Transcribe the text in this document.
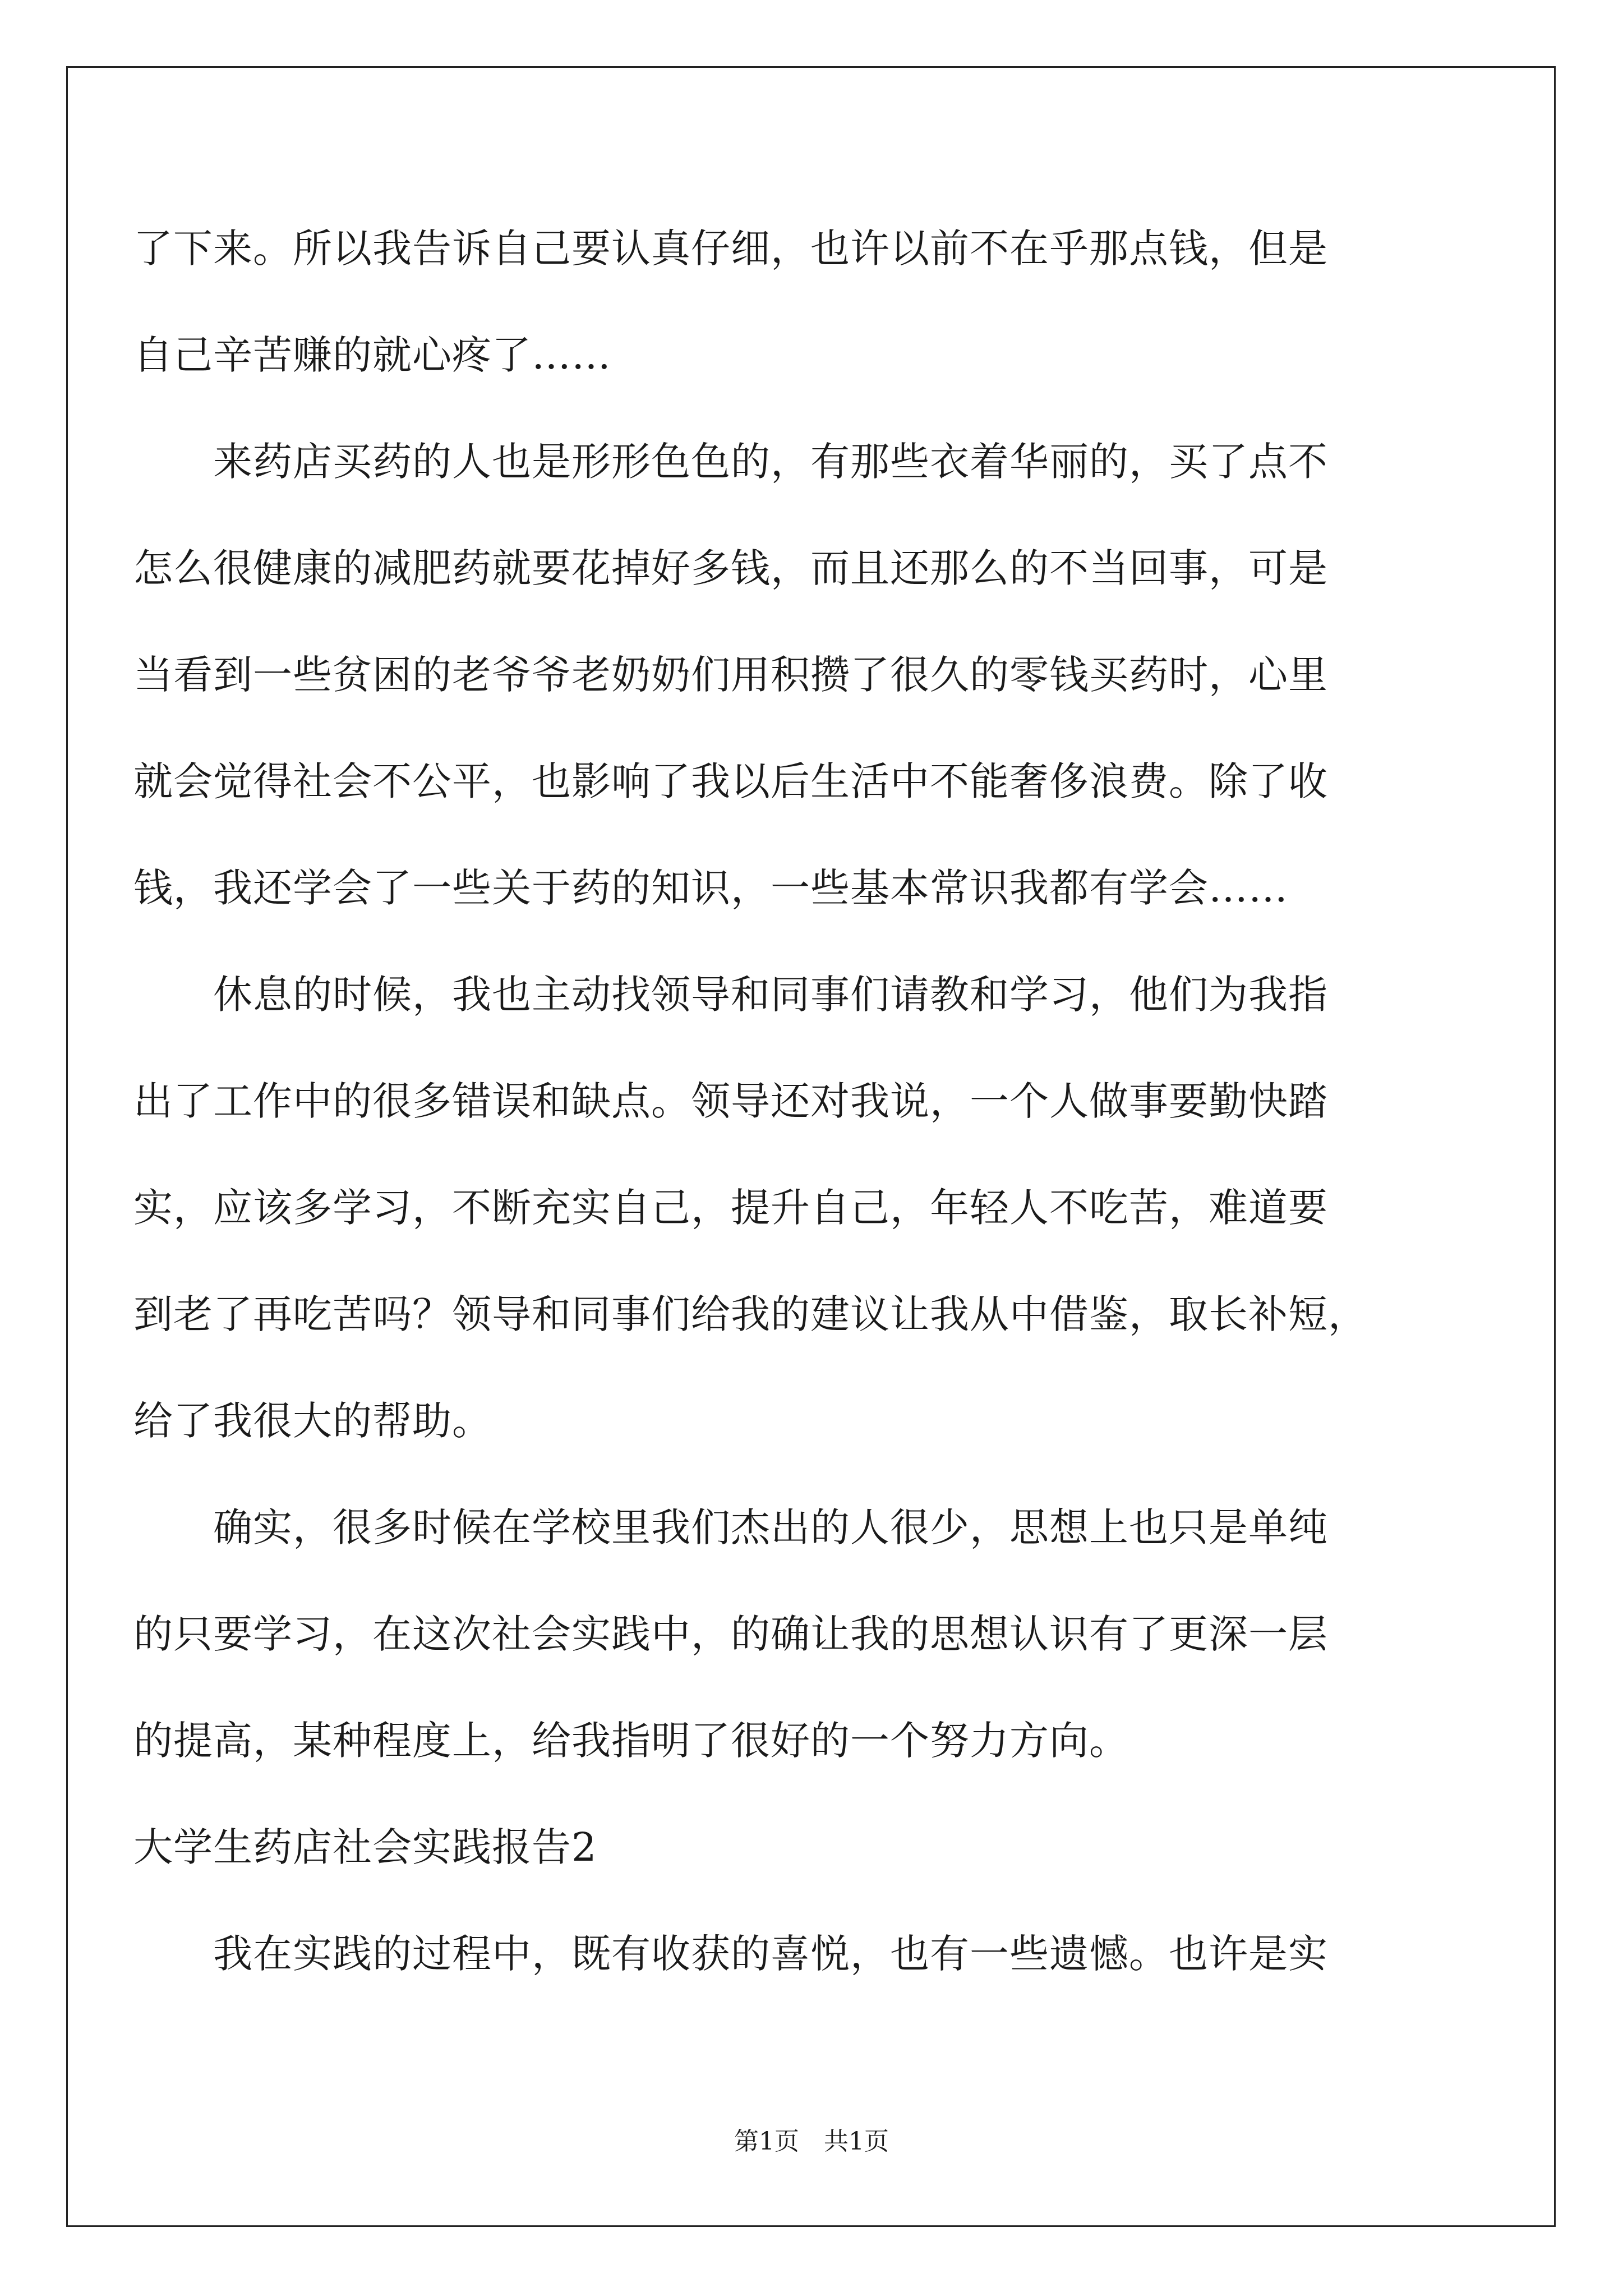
了下来。所以我告诉自己要认真仔细，也许以前不在乎那点钱，但是
自己辛苦赚的就心疼了……
　　来药店买药的人也是形形色色的，有那些衣着华丽的，买了点不
怎么很健康的减肥药就要花掉好多钱，而且还那么的不当回事，可是
当看到一些贫困的老爷爷老奶奶们用积攒了很久的零钱买药时，心里
就会觉得社会不公平，也影响了我以后生活中不能奢侈浪费。除了收
钱，我还学会了一些关于药的知识，一些基本常识我都有学会……
　　休息的时候，我也主动找领导和同事们请教和学习，他们为我指
出了工作中的很多错误和缺点。领导还对我说，一个人做事要勤快踏
实，应该多学习，不断充实自己，提升自己，年轻人不吃苦，难道要
到老了再吃苦吗？领导和同事们给我的建议让我从中借鉴，取长补短，
给了我很大的帮助。
　　确实，很多时候在学校里我们杰出的人很少，思想上也只是单纯
的只要学习，在这次社会实践中，的确让我的思想认识有了更深一层
的提高，某种程度上，给我指明了很好的一个努力方向。
大学生药店社会实践报告2
　　我在实践的过程中，既有收获的喜悦，也有一些遗憾。也许是实
第1页　共1页
